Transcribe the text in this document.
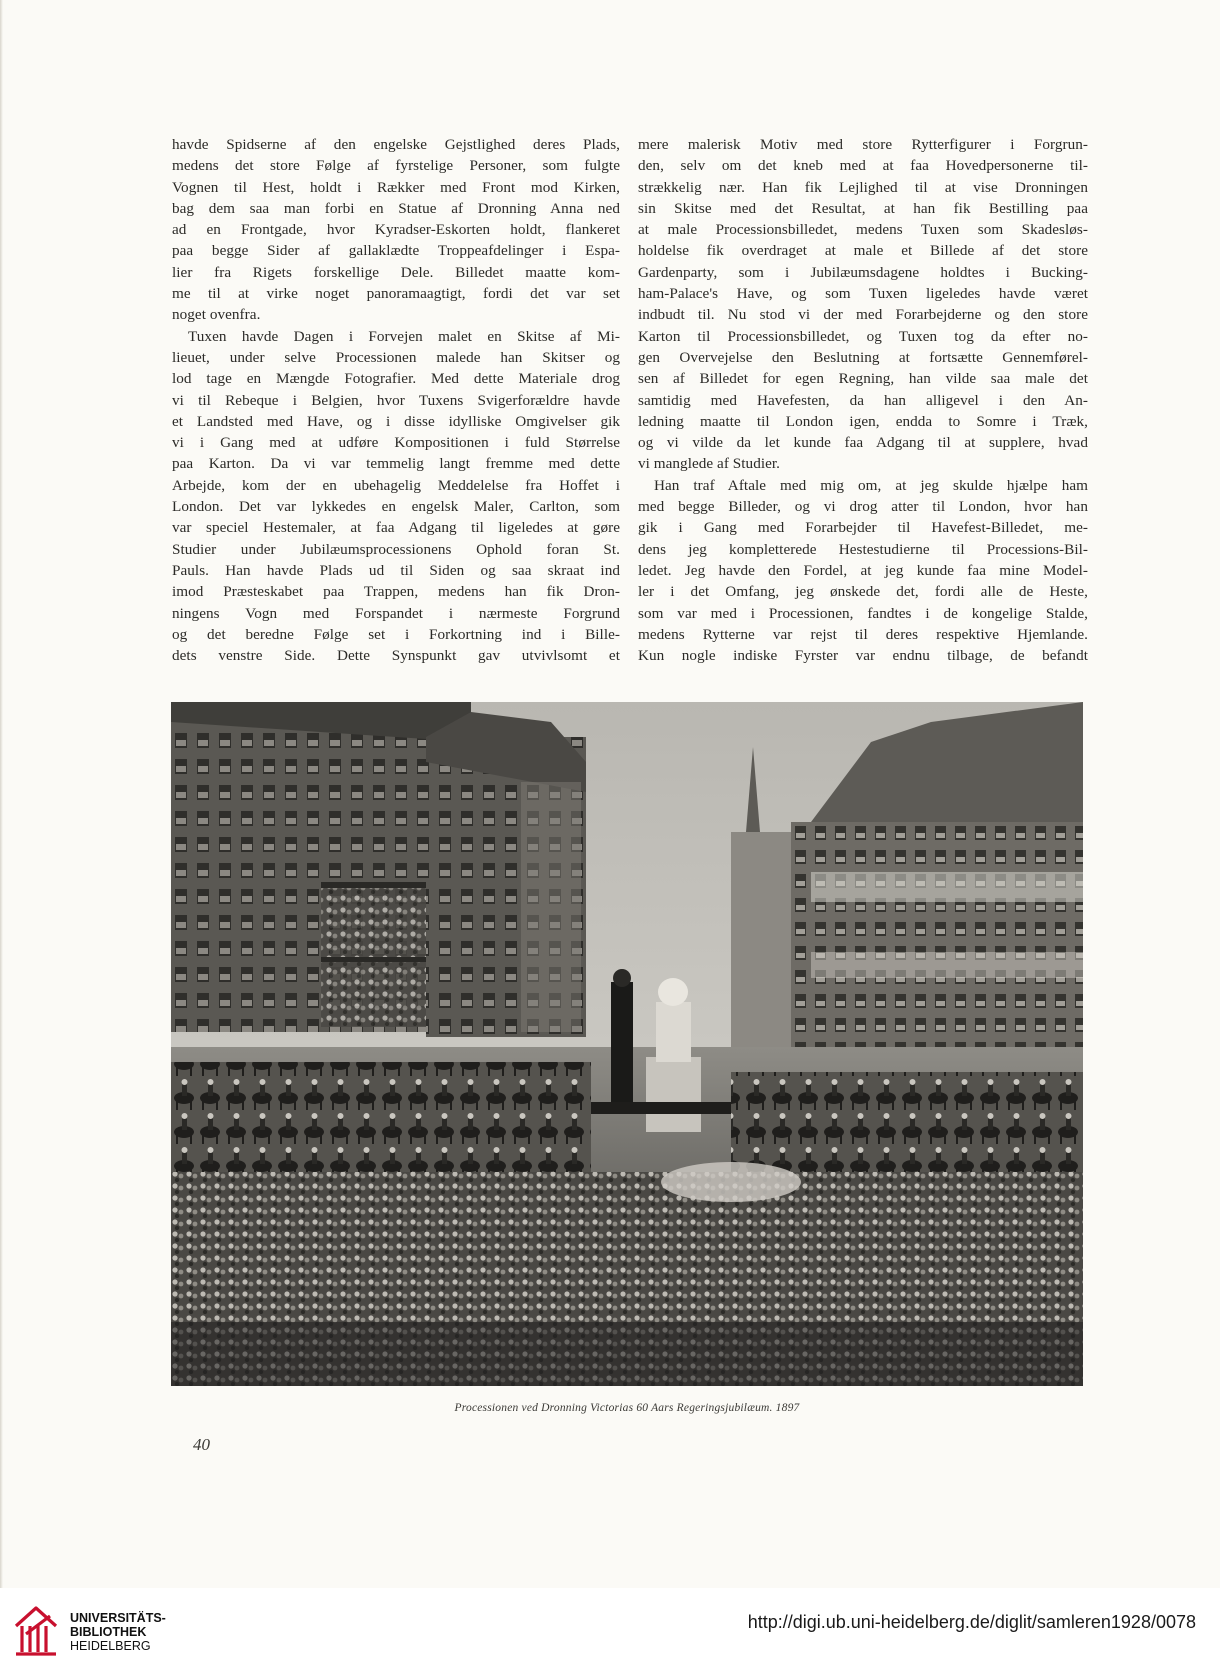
havde Spidserne af den engelske Gejstlighed deres Plads,
medens det store Følge af fyrstelige Personer, som fulgte
Vognen til Hest, holdt i Rækker med Front mod Kirken,
bag dem saa man forbi en Statue af Dronning Anna ned
ad en Frontgade, hvor Kyradser-Eskorten holdt, flankeret
paa begge Sider af gallaklædte Troppeafdelinger i Espa-
lier fra Rigets forskellige Dele. Billedet maatte kom-
me til at virke noget panoramaagtigt, fordi det var set
noget ovenfra.
Tuxen havde Dagen i Forvejen malet en Skitse af Mi-
lieuet, under selve Processionen malede han Skitser og
lod tage en Mængde Fotografier. Med dette Materiale drog
vi til Rebeque i Belgien, hvor Tuxens Svigerforældre havde
et Landsted med Have, og i disse idylliske Omgivelser gik
vi i Gang med at udføre Kompositionen i fuld Størrelse
paa Karton. Da vi var temmelig langt fremme med dette
Arbejde, kom der en ubehagelig Meddelelse fra Hoffet i
London. Det var lykkedes en engelsk Maler, Carlton, som
var speciel Hestemaler, at faa Adgang til ligeledes at gøre
Studier under Jubilæumsprocessionens Ophold foran St.
Pauls. Han havde Plads ud til Siden og saa skraat ind
imod Præsteskabet paa Trappen, medens han fik Dron-
ningens Vogn med Forspandet i nærmeste Forgrund
og det beredne Følge set i Forkortning ind i Bille-
dets venstre Side. Dette Synspunkt gav utvivlsomt et
mere malerisk Motiv med store Rytterfigurer i Forgrun-
den, selv om det kneb med at faa Hovedpersonerne til-
strækkelig nær. Han fik Lejlighed til at vise Dronningen
sin Skitse med det Resultat, at han fik Bestilling paa
at male Processionsbilledet, medens Tuxen som Skadesløs-
holdelse fik overdraget at male et Billede af det store
Gardenparty, som i Jubilæumsdagene holdtes i Bucking-
ham-Palace's Have, og som Tuxen ligeledes havde været
indbudt til. Nu stod vi der med Forarbejderne og den store
Karton til Processionsbilledet, og Tuxen tog da efter no-
gen Overvejelse den Beslutning at fortsætte Gennemførel-
sen af Billedet for egen Regning, han vilde saa male det
samtidig med Havefesten, da han alligevel i den An-
ledning maatte til London igen, endda to Somre i Træk,
og vi vilde da let kunde faa Adgang til at supplere, hvad
vi manglede af Studier.
Han traf Aftale med mig om, at jeg skulde hjælpe ham
med begge Billeder, og vi drog atter til London, hvor han
gik i Gang med Forarbejder til Havefest-Billedet, me-
dens jeg kompletterede Hestestudierne til Processions-Bil-
ledet. Jeg havde den Fordel, at jeg kunde faa mine Model-
ler i det Omfang, jeg ønskede det, fordi alle de Heste,
som var med i Processionen, fandtes i de kongelige Stalde,
medens Rytterne var rejst til deres respektive Hjemlande.
Kun nogle indiske Fyrster var endnu tilbage, de befandt
Processionen ved Dronning Victorias 60 Aars Regeringsjubilæum. 1897
40
UNIVERSITÄTS-
BIBLIOTHEK
HEIDELBERG
http://digi.ub.uni-heidelberg.de/diglit/samleren1928/0078
